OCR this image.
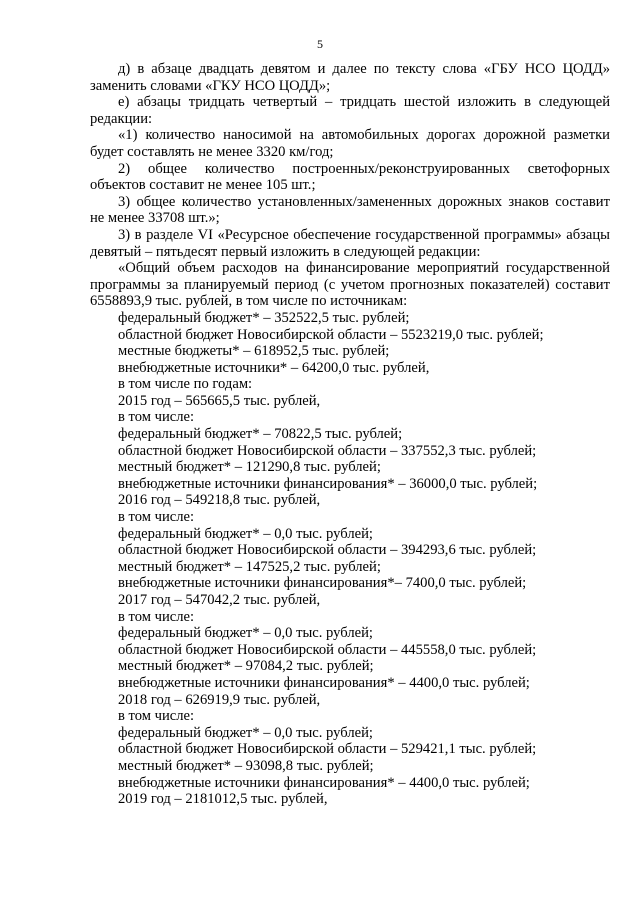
5

д) в абзаце двадцать девятом и далее по тексту слова «ГБУ НСО ЦОДД» заменить словами «ГКУ НСО ЦОДД»;

е) абзацы тридцать четвертый – тридцать шестой изложить в следующей редакции:

«1) количество наносимой на автомобильных дорогах дорожной разметки будет составлять не менее 3320 км/год;

2) общее количество построенных/реконструированных светофорных объектов составит не менее 105 шт.;

3) общее количество установленных/замененных дорожных знаков составит не менее 33708 шт.»;

3) в разделе VI «Ресурсное обеспечение государственной программы» абзацы девятый – пятьдесят первый изложить в следующей редакции:

«Общий объем расходов на финансирование мероприятий государственной программы за планируемый период (с учетом прогнозных показателей) составит 6558893,9 тыс. рублей, в том числе по источникам:

федеральный бюджет* – 352522,5 тыс. рублей;

областной бюджет Новосибирской области – 5523219,0 тыс. рублей;

местные бюджеты* – 618952,5 тыс. рублей;

внебюджетные источники* – 64200,0 тыс. рублей,

в том числе по годам:

2015 год – 565665,5 тыс. рублей,

в том числе:

федеральный бюджет* – 70822,5 тыс. рублей;

областной бюджет Новосибирской области – 337552,3 тыс. рублей;

местный бюджет* – 121290,8 тыс. рублей;

внебюджетные источники финансирования* – 36000,0 тыс. рублей;

2016 год – 549218,8 тыс. рублей,

в том числе:

федеральный бюджет* – 0,0 тыс. рублей;

областной бюджет Новосибирской области – 394293,6 тыс. рублей;

местный бюджет* – 147525,2 тыс. рублей;

внебюджетные источники финансирования*– 7400,0 тыс. рублей;

2017 год – 547042,2 тыс. рублей,

в том числе:

федеральный бюджет* – 0,0 тыс. рублей;

областной бюджет Новосибирской области – 445558,0 тыс. рублей;

местный бюджет* – 97084,2 тыс. рублей;

внебюджетные источники финансирования* – 4400,0 тыс. рублей;

2018 год – 626919,9 тыс. рублей,

в том числе:

федеральный бюджет* – 0,0 тыс. рублей;

областной бюджет Новосибирской области – 529421,1 тыс. рублей;

местный бюджет* – 93098,8 тыс. рублей;

внебюджетные источники финансирования* – 4400,0 тыс. рублей;

2019 год – 2181012,5 тыс. рублей,
